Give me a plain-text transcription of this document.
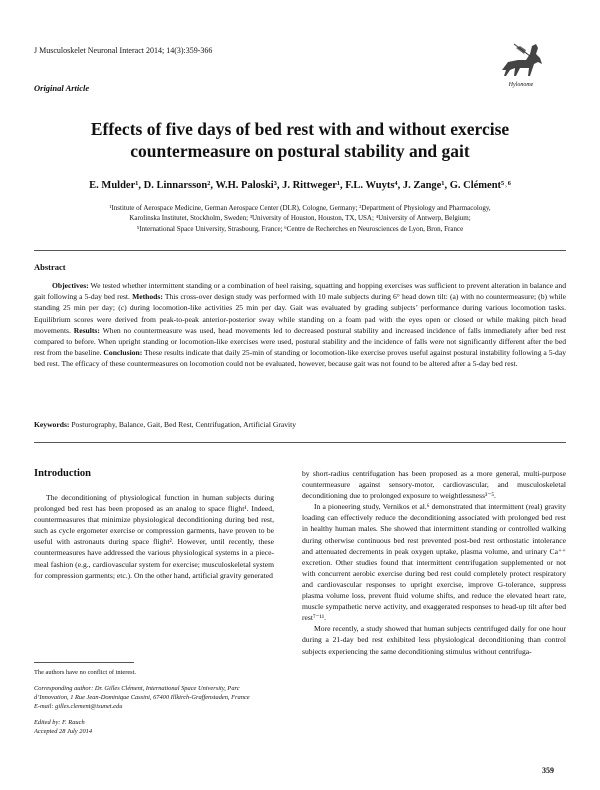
J Musculoskelet Neuronal Interact 2014; 14(3):359-366
Original Article	Hylonome
Effects of five days of bed rest with and without exercise
countermeasure on postural stability and gait
E. Mulder¹, D. Linnarsson², W.H. Paloski³, J. Rittweger¹, F.L. Wuyts⁴, J. Zange¹, G. Clément⁵˒⁶
¹Institute of Aerospace Medicine, German Aerospace Center (DLR), Cologne, Germany; ²Department of Physiology and Pharmacology,
Karolinska Institutet, Stockholm, Sweden; ³University of Houston, Houston, TX, USA; ⁴University of Antwerp, Belgium;
⁵International Space University, Strasbourg, France; ⁶Centre de Recherches en Neurosciences de Lyon, Bron, France
Abstract

Objectives: We tested whether intermittent standing or a combination of heel raising, squatting and hopping exercises was sufficient to prevent alteration in balance and gait following a 5-day bed rest. Methods: This cross-over design study was performed with 10 male subjects during 6° head down tilt: (a) with no countermeasure; (b) while standing 25 min per day; (c) during locomotion-like activities 25 min per day. Gait was evaluated by grading subjects’ performance during various locomotion tasks. Equilibrium scores were derived from peak-to-peak anterior-posterior sway while standing on a foam pad with the eyes open or closed or while making pitch head movements. Results: When no countermeasure was used, head movements led to decreased postural stability and increased incidence of falls immediately after bed rest compared to before. When upright standing or locomotion-like exercises were used, postural stability and the incidence of falls were not significantly different after the bed rest from the baseline. Conclusion: These results indicate that daily 25-min of standing or locomotion-like exercise proves useful against postural instability following a 5-day bed rest. The efficacy of these countermeasures on locomotion could not be evaluated, however, because gait was not found to be altered after a 5-day bed rest.

Keywords: Posturography, Balance, Gait, Bed Rest, Centrifugation, Artificial Gravity
Introduction

The deconditioning of physiological function in human subjects during prolonged bed rest has been proposed as an analog to space flight¹. Indeed, countermeasures that minimize physiological deconditioning during bed rest, such as cycle ergometer exercise or compression garments, have proven to be useful with astronauts during space flight². However, until recently, these countermeasures have addressed the various physiological systems in a piece-meal fashion (e.g., cardiovascular system for exercise; musculoskeletal system for compression garments; etc.). On the other hand, artificial gravity generated

by short-radius centrifugation has been proposed as a more general, multi-purpose countermeasure against sensory-motor, cardiovascular, and musculoskeletal deconditioning due to prolonged exposure to weightlessness³⁻⁵.

In a pioneering study, Vernikos et al.⁶ demonstrated that intermittent (real) gravity loading can effectively reduce the deconditioning associated with prolonged bed rest in healthy human males. She showed that intermittent standing or controlled walking during otherwise continuous bed rest prevented post-bed rest orthostatic intolerance and attenuated decrements in peak oxygen uptake, plasma volume, and urinary Ca⁺⁺ excretion. Other studies found that intermittent centrifugation supplemented or not with concurrent aerobic exercise during bed rest could completely protect respiratory and cardiovascular responses to upright exercise, improve G-tolerance, suppress plasma volume loss, prevent fluid volume shifts, and reduce the elevated heart rate, muscle sympathetic nerve activity, and exaggerated responses to head-up tilt after bed rest⁷⁻¹¹.

More recently, a study showed that human subjects centrifuged daily for one hour during a 21-day bed rest exhibited less physiological deconditioning than control subjects experiencing the same deconditioning stimulus without centrifuga-

The authors have no conflict of interest.
Corresponding author: Dr. Gilles Clément, International Space University, Parc d’Innovation, 1 Rue Jean-Dominique Cassini, 67400 Illkirch-Graffenstaden, France
E-mail: gilles.clement@isunet.edu
Edited by: F. Rauch
Accepted 28 July 2014
359
